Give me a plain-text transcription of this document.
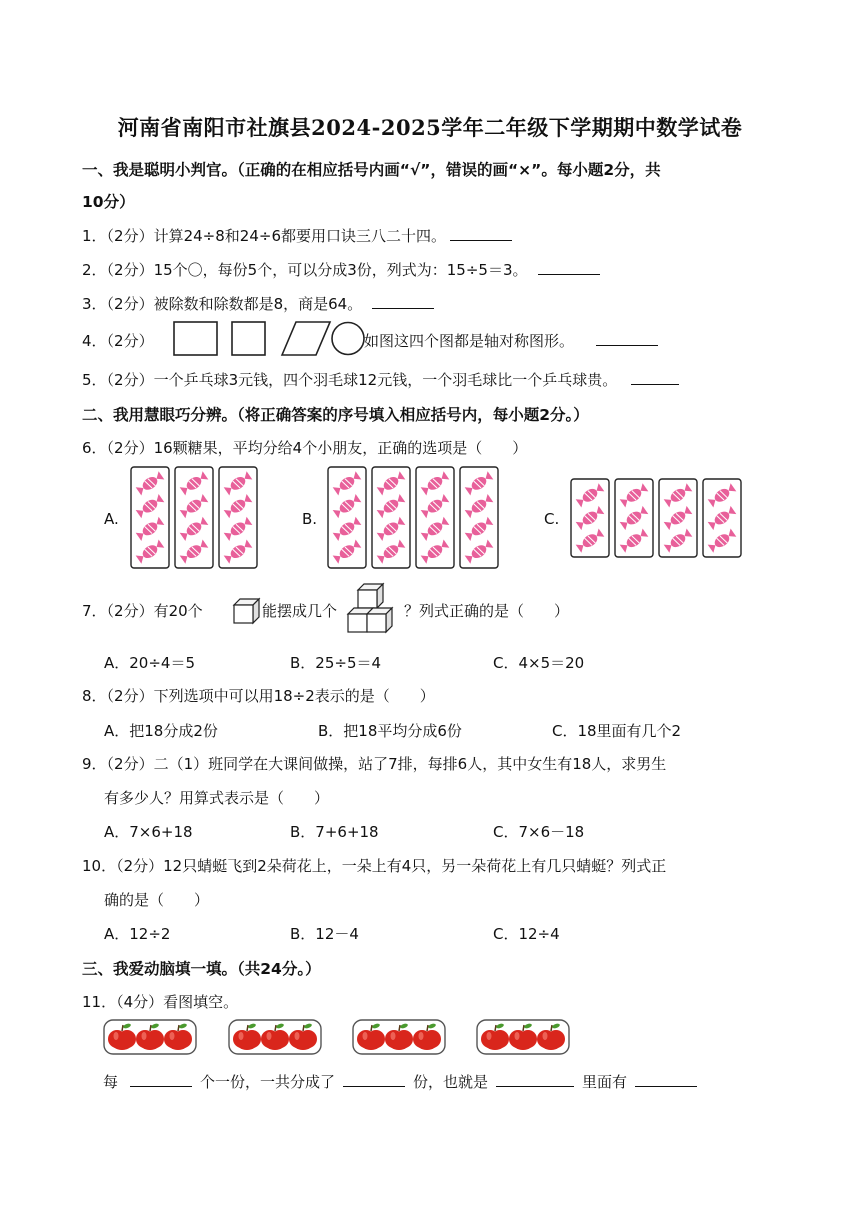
河南省南阳市社旗县2024-2025学年二年级下学期期中数学试卷
一、我是聪明小判官。（正确的在相应括号内画“√”，错误的画“×”。每小题2分，共
10分）
1．（2分）计算24÷8和24÷6都要用口诀三八二十四。
2．（2分）15个〇，每份5个，可以分成3份，列式为：15÷5＝3。
3．（2分）被除数和除数都是8，商是64。
4．（2分）	如图这四个图都是轴对称图形。
5．（2分）一个乒乓球3元钱，四个羽毛球12元钱，一个羽毛球比一个乒乓球贵。
二、我用慧眼巧分辨。（将正确答案的序号填入相应括号内，每小题2分。）
6．（2分）16颗糖果，平均分给4个小朋友，正确的选项是（　　）
A.	B.	C.
7．（2分）有20个	能摆成几个	？列式正确的是（　　）
A．20÷4＝5	B．25÷5＝4	C．4×5＝20
8．（2分）下列选项中可以用18÷2表示的是（　　）
A．把18分成2份	B．把18平均分成6份	C．18里面有几个2
9．（2分）二（1）班同学在大课间做操，站了7排，每排6人，其中女生有18人，求男生
有多少人？用算式表示是（　　）
A．7×6+18	B．7+6+18	C．7×6－18
10．（2分）12只蜻蜓飞到2朵荷花上，一朵上有4只，另一朵荷花上有几只蜻蜓？列式正
确的是（　　）
A．12÷2	B．12－4	C．12÷4
三、我爱动脑填一填。（共24分。）
11．（4分）看图填空。
每	个一份，一共分成了	份，也就是	里面有
